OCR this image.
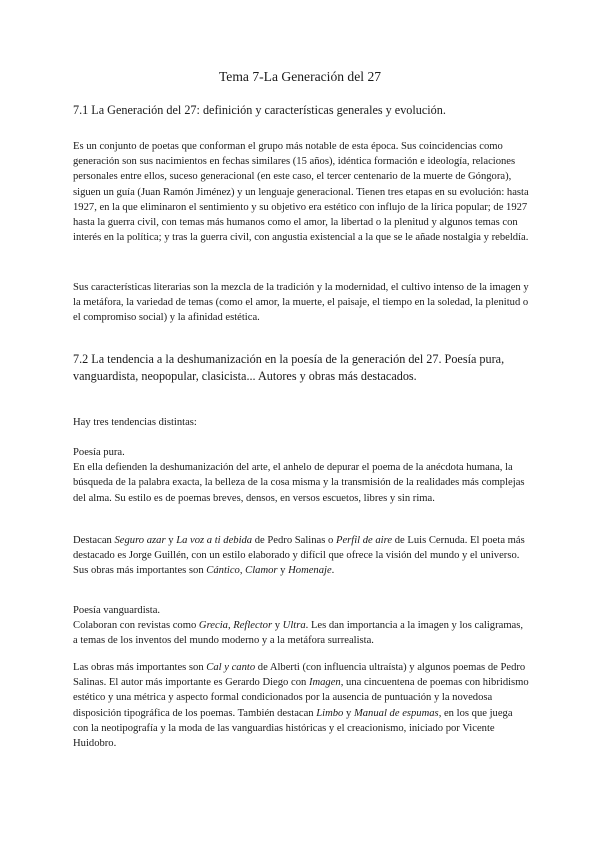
Tema 7-La Generación del 27
7.1 La Generación del 27: definición y características generales y evolución.

Es un conjunto de poetas que conforman el grupo más notable de esta época. Sus coincidencias como generación son sus nacimientos en fechas similares (15 años), idéntica formación e ideología, relaciones personales entre ellos, suceso generacional (en este caso, el tercer centenario de la muerte de Góngora), siguen un guía (Juan Ramón Jiménez) y un lenguaje generacional. Tienen tres etapas en su evolución: hasta 1927, en la que eliminaron el sentimiento y su objetivo era estético con influjo de la lírica popular; de 1927 hasta la guerra civil, con temas más humanos como el amor, la libertad o la plenitud y algunos temas con interés en la política; y tras la guerra civil, con angustia existencial a la que se le añade nostalgia y rebeldía.

Sus características literarias son la mezcla de la tradición y la modernidad, el cultivo intenso de la imagen y la metáfora, la variedad de temas (como el amor, la muerte, el paisaje, el tiempo en la soledad, la plenitud o el compromiso social) y la afinidad estética.

7.2 La tendencia a la deshumanización en la poesía de la generación del 27. Poesía pura, vanguardista, neopopular, clasicista... Autores y obras más destacados.

Hay tres tendencias distintas:

Poesía pura.
En ella defienden la deshumanización del arte, el anhelo de depurar el poema de la anécdota humana, la búsqueda de la palabra exacta, la belleza de la cosa misma y la transmisión de la realidades más complejas del alma. Su estilo es de poemas breves, densos, en versos escuetos, libres y sin rima.

Destacan Seguro azar y La voz a ti debida de Pedro Salinas o Perfil de aire de Luis Cernuda. El poeta más destacado es Jorge Guillén, con un estilo elaborado y difícil que ofrece la visión del mundo y el universo. Sus obras más importantes son Cántico, Clamor y Homenaje.

Poesía vanguardista.
Colaboran con revistas como Grecia, Reflector y Ultra. Les dan importancia a la imagen y los caligramas, a temas de los inventos del mundo moderno y a la metáfora surrealista.

Las obras más importantes son Cal y canto de Alberti (con influencia ultraísta) y algunos poemas de Pedro Salinas. El autor más importante es Gerardo Diego con Imagen, una cincuentena de poemas con hibridismo estético y una métrica y aspecto formal condicionados por la ausencia de puntuación y la novedosa disposición tipográfica de los poemas. También destacan Limbo y Manual de espumas, en los que juega con la neotipografía y la moda de las vanguardias históricas y el creacionismo, iniciado por Vicente Huidobro.
